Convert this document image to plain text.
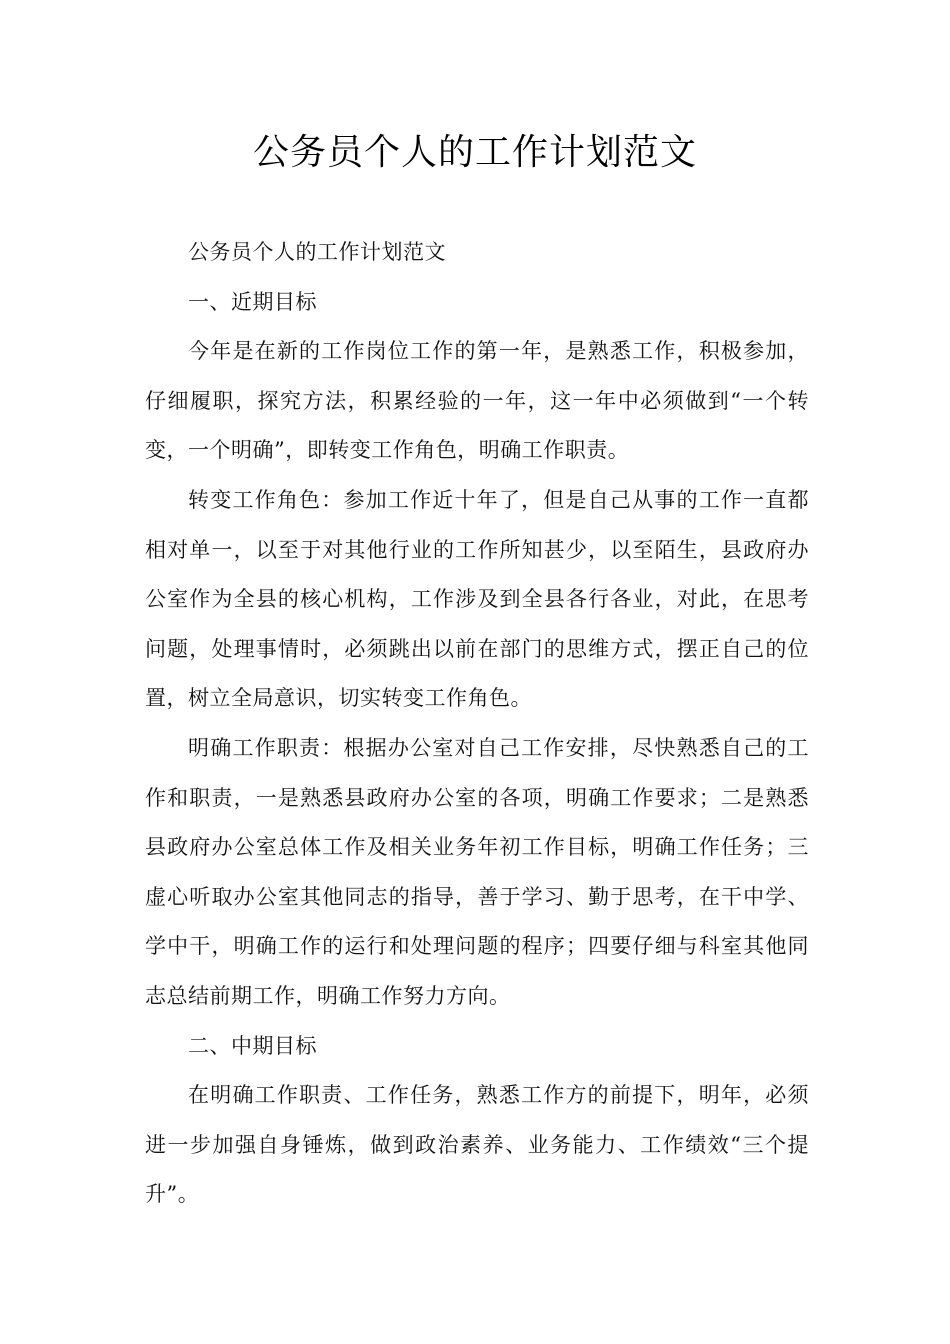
公务员个人的工作计划范文

公务员个人的工作计划范文

一、近期目标

今年是在新的工作岗位工作的第一年，是熟悉工作，积极参加，仔细履职，探究方法，积累经验的一年，这一年中必须做到“一个转变，一个明确”，即转变工作角色，明确工作职责。

转变工作角色：参加工作近十年了，但是自己从事的工作一直都相对单一，以至于对其他行业的工作所知甚少，以至陌生，县政府办公室作为全县的核心机构，工作涉及到全县各行各业，对此，在思考问题，处理事情时，必须跳出以前在部门的思维方式，摆正自己的位置，树立全局意识，切实转变工作角色。

明确工作职责：根据办公室对自己工作安排，尽快熟悉自己的工作和职责，一是熟悉县政府办公室的各项，明确工作要求；二是熟悉县政府办公室总体工作及相关业务年初工作目标，明确工作任务；三虚心听取办公室其他同志的指导，善于学习、勤于思考，在干中学、学中干，明确工作的运行和处理问题的程序；四要仔细与科室其他同志总结前期工作，明确工作努力方向。

二、中期目标

在明确工作职责、工作任务，熟悉工作方的前提下，明年，必须进一步加强自身锤炼，做到政治素养、业务能力、工作绩效“三个提升”。
